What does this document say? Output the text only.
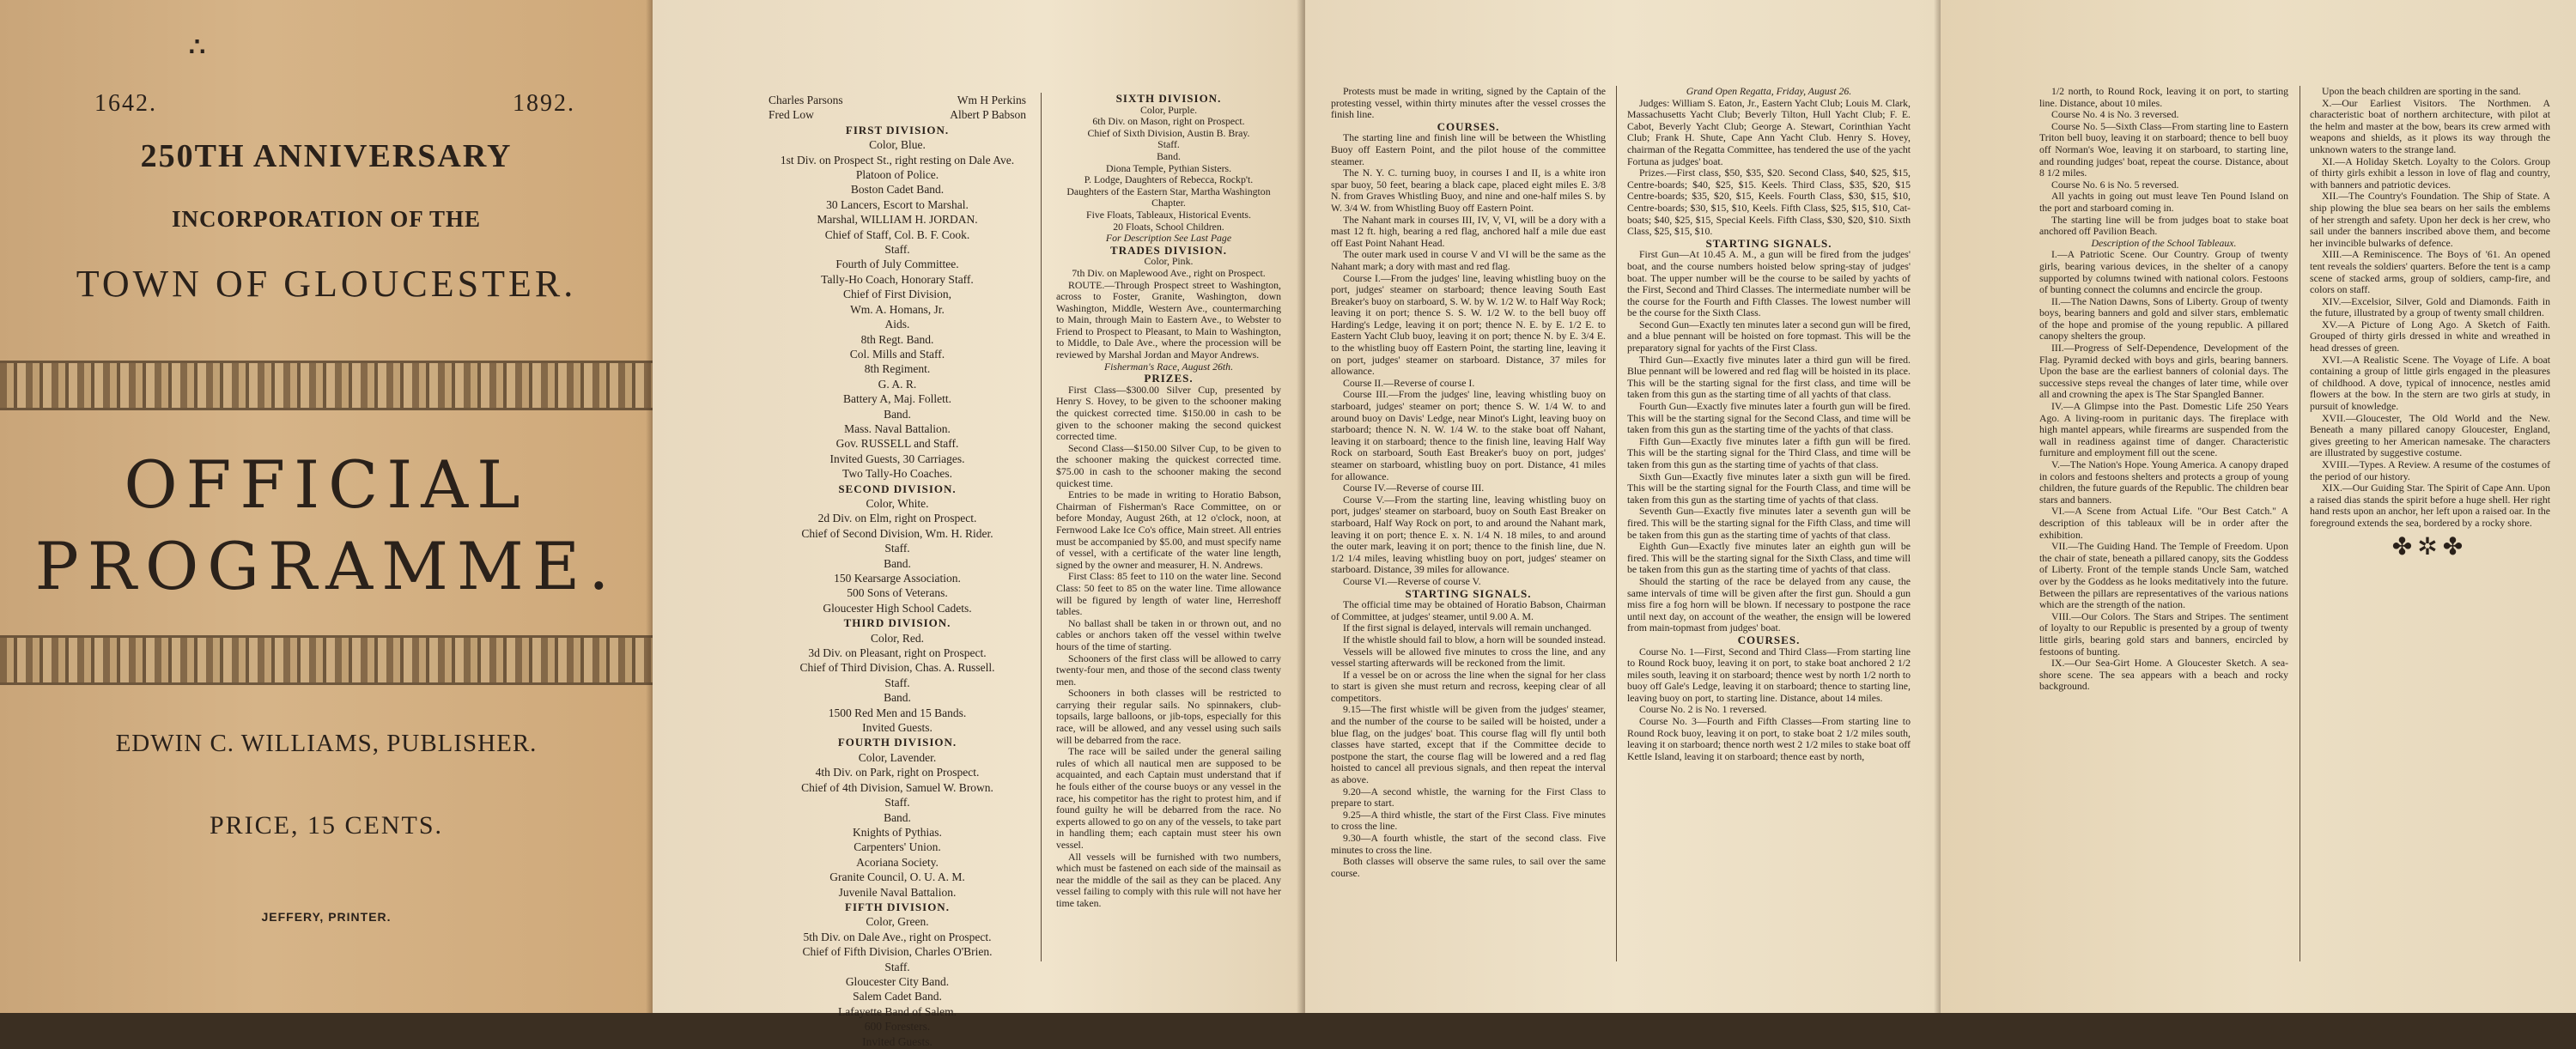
∴
1642.	1892.
250TH ANNIVERSARY
INCORPORATION OF THE
TOWN OF GLOUCESTER.
OFFICIAL
PROGRAMME.
EDWIN C. WILLIAMS, PUBLISHER.
PRICE, 15 CENTS.
JEFFERY, PRINTER.
Charles Parsons	Wm H Perkins
Fred Low	Albert P Babson
FIRST DIVISION.
Color, Blue.
1st Div. on Prospect St., right resting on Dale Ave.
Platoon of Police.
Boston Cadet Band.
30 Lancers, Escort to Marshal.
Marshal, WILLIAM H. JORDAN.
Chief of Staff, Col. B. F. Cook.
Staff.
Fourth of July Committee.
Tally-Ho Coach, Honorary Staff.
Chief of First Division,
Wm. A. Homans, Jr.
Aids.
8th Regt. Band.
Col. Mills and Staff.
8th Regiment.
G. A. R.
Battery A, Maj. Follett.
Band.
Mass. Naval Battalion.
Gov. RUSSELL and Staff.
Invited Guests, 30 Carriages.
Two Tally-Ho Coaches.
SECOND DIVISION.
Color, White.
2d Div. on Elm, right on Prospect.
Chief of Second Division, Wm. H. Rider.
Staff.
Band.
150 Kearsarge Association.
500 Sons of Veterans.
Gloucester High School Cadets.
THIRD DIVISION.
Color, Red.
3d Div. on Pleasant, right on Prospect.
Chief of Third Division, Chas. A. Russell.
Staff.
Band.
1500 Red Men and 15 Bands.
Invited Guests.
FOURTH DIVISION.
Color, Lavender.
4th Div. on Park, right on Prospect.
Chief of 4th Division, Samuel W. Brown.
Staff.
Band.
Knights of Pythias.
Carpenters' Union.
Acoriana Society.
Granite Council, O. U. A. M.
Juvenile Naval Battalion.
FIFTH DIVISION.
Color, Green.
5th Div. on Dale Ave., right on Prospect.
Chief of Fifth Division, Charles O'Brien.
Staff.
Gloucester City Band.
Salem Cadet Band.
Lafayette Band of Salem.
600 Foresters.
Invited Guests.
SIXTH DIVISION.
Color, Purple.
6th Div. on Mason, right on Prospect.
Chief of Sixth Division, Austin B. Bray.
Staff.
Band.
Diona Temple, Pythian Sisters.
P. Lodge, Daughters of Rebecca, Rockp't.
Daughters of the Eastern Star, Martha Washington Chapter.
Five Floats, Tableaux, Historical Events.
20 Floats, School Children.
For Description See Last Page
TRADES DIVISION.
Color, Pink.
7th Div. on Maplewood Ave., right on Prospect.
ROUTE.—Through Prospect street to Washington, across to Foster, Granite, Washington, down Washington, Middle, Western Ave., countermarching to Main, through Main to Eastern Ave., to Webster to Friend to Prospect to Pleasant, to Main to Washington, to Middle, to Dale Ave., where the procession will be reviewed by Marshal Jordan and Mayor Andrews.
Fisherman's Race, August 26th.
PRIZES.
First Class—$300.00 Silver Cup, presented by Henry S. Hovey, to be given to the schooner making the quickest corrected time. $150.00 in cash to be given to the schooner making the second quickest corrected time.
Second Class—$150.00 Silver Cup, to be given to the schooner making the quickest corrected time. $75.00 in cash to the schooner making the second quickest time.
Entries to be made in writing to Horatio Babson, Chairman of Fisherman's Race Committee, on or before Monday, August 26th, at 12 o'clock, noon, at Fernwood Lake Ice Co's office, Main street. All entries must be accompanied by $5.00, and must specify name of vessel, with a certificate of the water line length, signed by the owner and measurer, H. N. Andrews.
First Class: 85 feet to 110 on the water line. Second Class: 50 feet to 85 on the water line. Time allowance will be figured by length of water line, Herreshoff tables.
No ballast shall be taken in or thrown out, and no cables or anchors taken off the vessel within twelve hours of the time of starting.
Schooners of the first class will be allowed to carry twenty-four men, and those of the second class twenty men.
Schooners in both classes will be restricted to carrying their regular sails. No spinnakers, club-topsails, large balloons, or jib-tops, especially for this race, will be allowed, and any vessel using such sails will be debarred from the race.
The race will be sailed under the general sailing rules of which all nautical men are supposed to be acquainted, and each Captain must understand that if he fouls either of the course buoys or any vessel in the race, his competitor has the right to protest him, and if found guilty he will be debarred from the race. No experts allowed to go on any of the vessels, to take part in handling them; each captain must steer his own vessel.
All vessels will be furnished with two numbers, which must be fastened on each side of the mainsail as near the middle of the sail as they can be placed. Any vessel failing to comply with this rule will not have her time taken.
Protests must be made in writing, signed by the Captain of the protesting vessel, within thirty minutes after the vessel crosses the finish line.
COURSES.
The starting line and finish line will be between the Whistling Buoy off Eastern Point, and the pilot house of the committee steamer.
The N. Y. C. turning buoy, in courses I and II, is a white iron spar buoy, 50 feet, bearing a black cape, placed eight miles E. 3/8 N. from Graves Whistling Buoy, and nine and one-half miles S. by W. 3/4 W. from Whistling Buoy off Eastern Point.
The Nahant mark in courses III, IV, V, VI, will be a dory with a mast 12 ft. high, bearing a red flag, anchored half a mile due east off East Point Nahant Head.
The outer mark used in course V and VI will be the same as the Nahant mark; a dory with mast and red flag.
Course I.—From the judges' line, leaving whistling buoy on the port, judges' steamer on starboard; thence leaving South East Breaker's buoy on starboard, S. W. by W. 1/2 W. to Half Way Rock; leaving it on port; thence S. S. W. 1/2 W. to the bell buoy off Harding's Ledge, leaving it on port; thence N. E. by E. 1/2 E. to Eastern Yacht Club buoy, leaving it on port; thence N. by E. 3/4 E. to the whistling buoy off Eastern Point, the starting line, leaving it on port, judges' steamer on starboard. Distance, 37 miles for allowance.
Course II.—Reverse of course I.
Course III.—From the judges' line, leaving whistling buoy on starboard, judges' steamer on port; thence S. W. 1/4 W. to and around buoy on Davis' Ledge, near Minot's Light, leaving buoy on starboard; thence N. N. W. 1/4 W. to the stake boat off Nahant, leaving it on starboard; thence to the finish line, leaving Half Way Rock on starboard, South East Breaker's buoy on port, judges' steamer on starboard, whistling buoy on port. Distance, 41 miles for allowance.
Course IV.—Reverse of course III.
Course V.—From the starting line, leaving whistling buoy on port, judges' steamer on starboard, buoy on South East Breaker on starboard, Half Way Rock on port, to and around the Nahant mark, leaving it on port; thence E. x. N. 1/4 N. 18 miles, to and around the outer mark, leaving it on port; thence to the finish line, due N. 1/2 1/4 miles, leaving whistling buoy on port, judges' steamer on starboard. Distance, 39 miles for allowance.
Course VI.—Reverse of course V.
STARTING SIGNALS.
The official time may be obtained of Horatio Babson, Chairman of Committee, at judges' steamer, until 9.00 A. M.
If the first signal is delayed, intervals will remain unchanged.
If the whistle should fail to blow, a horn will be sounded instead.
Vessels will be allowed five minutes to cross the line, and any vessel starting afterwards will be reckoned from the limit.
If a vessel be on or across the line when the signal for her class to start is given she must return and recross, keeping clear of all competitors.
9.15—The first whistle will be given from the judges' steamer, and the number of the course to be sailed will be hoisted, under a blue flag, on the judges' boat. This course flag will fly until both classes have started, except that if the Committee decide to postpone the start, the course flag will be lowered and a red flag hoisted to cancel all previous signals, and then repeat the interval as above.
9.20—A second whistle, the warning for the First Class to prepare to start.
9.25—A third whistle, the start of the First Class. Five minutes to cross the line.
9.30—A fourth whistle, the start of the second class. Five minutes to cross the line.
Both classes will observe the same rules, to sail over the same course.
Grand Open Regatta, Friday, August 26.
Judges: William S. Eaton, Jr., Eastern Yacht Club; Louis M. Clark, Massachusetts Yacht Club; Beverly Tilton, Hull Yacht Club; F. E. Cabot, Beverly Yacht Club; George A. Stewart, Corinthian Yacht Club; Frank H. Shute, Cape Ann Yacht Club. Henry S. Hovey, chairman of the Regatta Committee, has tendered the use of the yacht Fortuna as judges' boat.
Prizes.—First class, $50, $35, $20. Second Class, $40, $25, $15, Centre-boards; $40, $25, $15. Keels. Third Class, $35, $20, $15 Centre-boards; $35, $20, $15, Keels. Fourth Class, $30, $15, $10, Centre-boards; $30, $15, $10, Keels. Fifth Class, $25, $15, $10, Cat-boats; $40, $25, $15, Special Keels. Fifth Class, $30, $20, $10. Sixth Class, $25, $15, $10.
STARTING SIGNALS.
First Gun—At 10.45 A. M., a gun will be fired from the judges' boat, and the course numbers hoisted below spring-stay of judges' boat. The upper number will be the course to be sailed by yachts of the First, Second and Third Classes. The intermediate number will be the course for the Fourth and Fifth Classes. The lowest number will be the course for the Sixth Class.
Second Gun—Exactly ten minutes later a second gun will be fired, and a blue pennant will be hoisted on fore topmast. This will be the preparatory signal for yachts of the First Class.
Third Gun—Exactly five minutes later a third gun will be fired. Blue pennant will be lowered and red flag will be hoisted in its place. This will be the starting signal for the first class, and time will be taken from this gun as the starting time of all yachts of that class.
Fourth Gun—Exactly five minutes later a fourth gun will be fired. This will be the starting signal for the Second Class, and time will be taken from this gun as the starting time of the yachts of that class.
Fifth Gun—Exactly five minutes later a fifth gun will be fired. This will be the starting signal for the Third Class, and time will be taken from this gun as the starting time of yachts of that class.
Sixth Gun—Exactly five minutes later a sixth gun will be fired. This will be the starting signal for the Fourth Class, and time will be taken from this gun as the starting time of yachts of that class.
Seventh Gun—Exactly five minutes later a seventh gun will be fired. This will be the starting signal for the Fifth Class, and time will be taken from this gun as the starting time of yachts of that class.
Eighth Gun—Exactly five minutes later an eighth gun will be fired. This will be the starting signal for the Sixth Class, and time will be taken from this gun as the starting time of yachts of that class.
Should the starting of the race be delayed from any cause, the same intervals of time will be given after the first gun. Should a gun miss fire a fog horn will be blown. If necessary to postpone the race until next day, on account of the weather, the ensign will be lowered from main-topmast from judges' boat.
COURSES.
Course No. 1—First, Second and Third Class—From starting line to Round Rock buoy, leaving it on port, to stake boat anchored 2 1/2 miles south, leaving it on starboard; thence west by north 1/2 north to buoy off Gale's Ledge, leaving it on starboard; thence to starting line, leaving buoy on port, to starting line. Distance, about 14 miles.
Course No. 2 is No. 1 reversed.
Course No. 3—Fourth and Fifth Classes—From starting line to Round Rock buoy, leaving it on port, to stake boat 2 1/2 miles south, leaving it on starboard; thence north west 2 1/2 miles to stake boat off Kettle Island, leaving it on starboard; thence east by north,
1/2 north, to Round Rock, leaving it on port, to starting line. Distance, about 10 miles.
Course No. 4 is No. 3 reversed.
Course No. 5—Sixth Class—From starting line to Eastern Triton bell buoy, leaving it on starboard; thence to bell buoy off Norman's Woe, leaving it on starboard, to starting line, and rounding judges' boat, repeat the course. Distance, about 8 1/2 miles.
Course No. 6 is No. 5 reversed.
All yachts in going out must leave Ten Pound Island on the port and starboard coming in.
The starting line will be from judges boat to stake boat anchored off Pavilion Beach.
Description of the School Tableaux.
I.—A Patriotic Scene. Our Country. Group of twenty girls, bearing various devices, in the shelter of a canopy supported by columns twined with national colors. Festoons of bunting connect the columns and encircle the group.
II.—The Nation Dawns, Sons of Liberty. Group of twenty boys, bearing banners and gold and silver stars, emblematic of the hope and promise of the young republic. A pillared canopy shelters the group.
III.—Progress of Self-Dependence, Development of the Flag. Pyramid decked with boys and girls, bearing banners. Upon the base are the earliest banners of colonial days. The successive steps reveal the changes of later time, while over all and crowning the apex is The Star Spangled Banner.
IV.—A Glimpse into the Past. Domestic Life 250 Years Ago. A living-room in puritanic days. The fireplace with high mantel appears, while firearms are suspended from the wall in readiness against time of danger. Characteristic furniture and employment fill out the scene.
V.—The Nation's Hope. Young America. A canopy draped in colors and festoons shelters and protects a group of young children, the future guards of the Republic. The children bear stars and banners.
VI.—A Scene from Actual Life. "Our Best Catch." A description of this tableaux will be in order after the exhibition.
VII.—The Guiding Hand. The Temple of Freedom. Upon the chair of state, beneath a pillared canopy, sits the Goddess of Liberty. Front of the temple stands Uncle Sam, watched over by the Goddess as he looks meditatively into the future. Between the pillars are representatives of the various nations which are the strength of the nation.
VIII.—Our Colors. The Stars and Stripes. The sentiment of loyalty to our Republic is presented by a group of twenty little girls, bearing gold stars and banners, encircled by festoons of bunting.
IX.—Our Sea-Girt Home. A Gloucester Sketch. A sea-shore scene. The sea appears with a beach and rocky background.
Upon the beach children are sporting in the sand.
X.—Our Earliest Visitors. The Northmen. A characteristic boat of northern architecture, with pilot at the helm and master at the bow, bears its crew armed with weapons and shields, as it plows its way through the unknown waters to the strange land.
XI.—A Holiday Sketch. Loyalty to the Colors. Group of thirty girls exhibit a lesson in love of flag and country, with banners and patriotic devices.
XII.—The Country's Foundation. The Ship of State. A ship plowing the blue sea bears on her sails the emblems of her strength and safety. Upon her deck is her crew, who sail under the banners inscribed above them, and become her invincible bulwarks of defence.
XIII.—A Reminiscence. The Boys of '61. An opened tent reveals the soldiers' quarters. Before the tent is a camp scene of stacked arms, group of soldiers, camp-fire, and colors on staff.
XIV.—Excelsior, Silver, Gold and Diamonds. Faith in the future, illustrated by a group of twenty small children.
XV.—A Picture of Long Ago. A Sketch of Faith. Grouped of thirty girls dressed in white and wreathed in head dresses of green.
XVI.—A Realistic Scene. The Voyage of Life. A boat containing a group of little girls engaged in the pleasures of childhood. A dove, typical of innocence, nestles amid flowers at the bow. In the stern are two girls at study, in pursuit of knowledge.
XVII.—Gloucester, The Old World and the New. Beneath a many pillared canopy Gloucester, England, gives greeting to her American namesake. The characters are illustrated by suggestive costume.
XVIII.—Types. A Review. A resume of the costumes of the period of our history.
XIX.—Our Guiding Star. The Spirit of Cape Ann. Upon a raised dias stands the spirit before a huge shell. Her right hand rests upon an anchor, her left upon a raised oar. In the foreground extends the sea, bordered by a rocky shore.
✤✲✤
